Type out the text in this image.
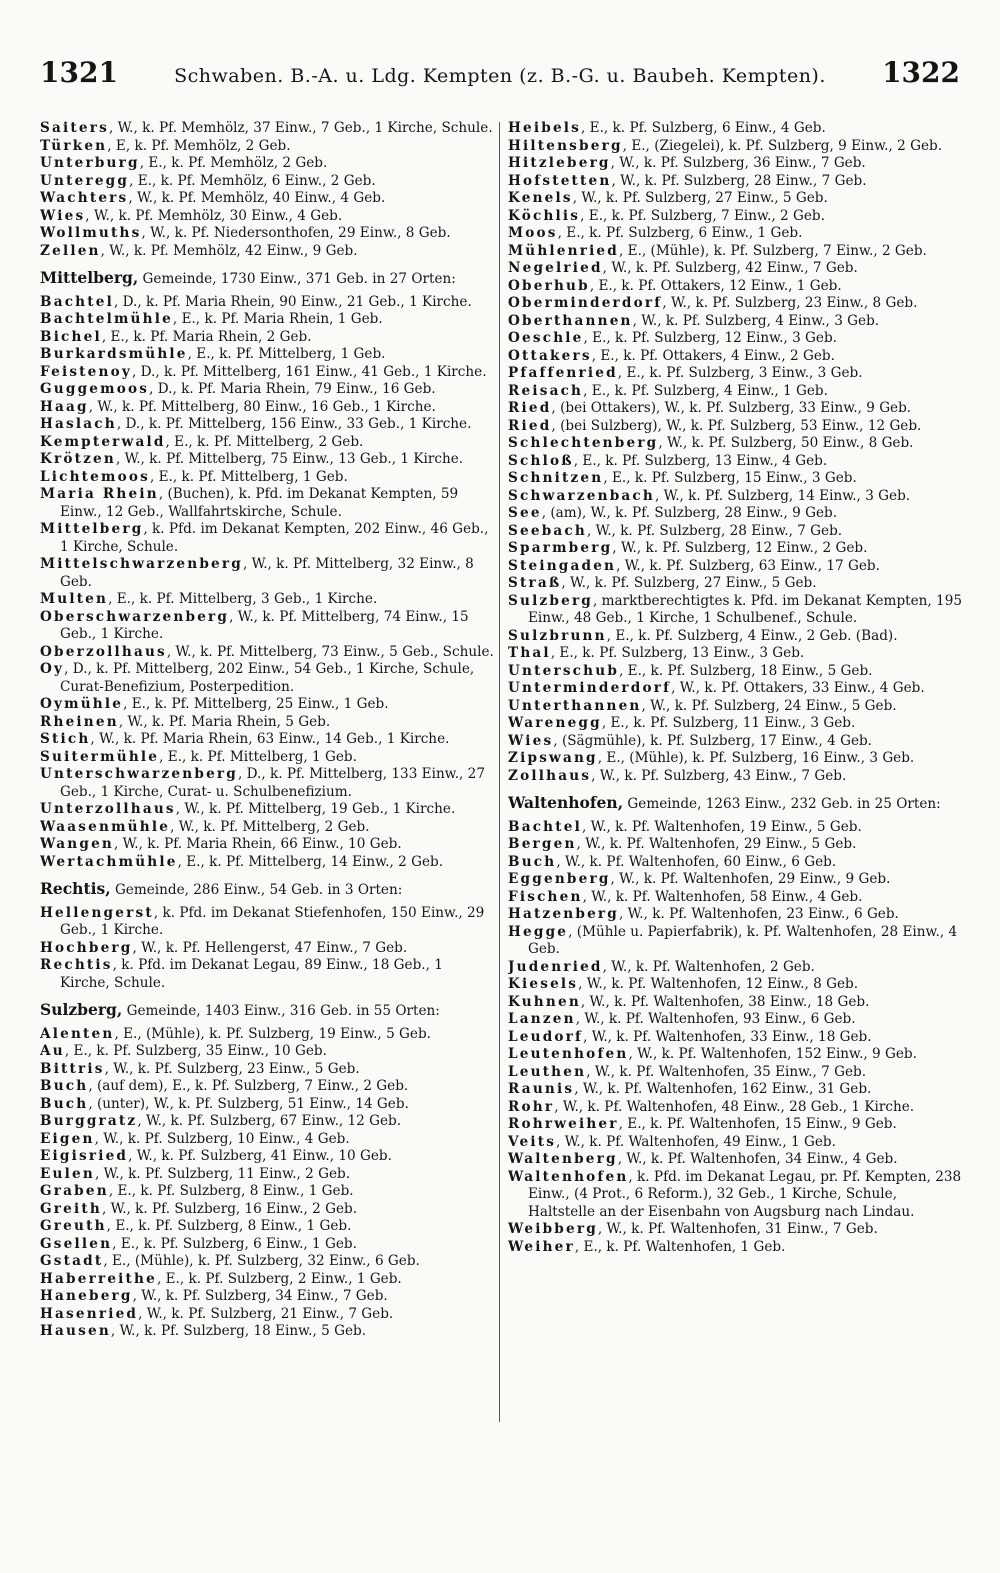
1321	Schwaben. B.-A. u. Ldg. Kempten (z. B.-G. u. Baubeh. Kempten). 1322

Saiters, W., k. Pf. Memhölz, 37 Einw., 7 Geb., 1 Kirche, Schule.

Türken, E, k. Pf. Memhölz, 2 Geb.

Unterburg, E., k. Pf. Memhölz, 2 Geb.

Unteregg, E., k. Pf. Memhölz, 6 Einw., 2 Geb.

Wachters, W., k. Pf. Memhölz, 40 Einw., 4 Geb.

Wies, W., k. Pf. Memhölz, 30 Einw., 4 Geb.

Wollmuths, W., k. Pf. Niedersonthofen, 29 Einw., 8 Geb.

Zellen, W., k. Pf. Memhölz, 42 Einw., 9 Geb.

Mittelberg, Gemeinde, 1730 Einw., 371 Geb. in 27 Orten:

Bachtel, D., k. Pf. Maria Rhein, 90 Einw., 21 Geb., 1 Kirche.

Bachtelmühle, E., k. Pf. Maria Rhein, 1 Geb.

Bichel, E., k. Pf. Maria Rhein, 2 Geb.

Burkardsmühle, E., k. Pf. Mittelberg, 1 Geb.

Feistenoy, D., k. Pf. Mittelberg, 161 Einw., 41 Geb., 1 Kirche.

Guggemoos, D., k. Pf. Maria Rhein, 79 Einw., 16 Geb.

Haag, W., k. Pf. Mittelberg, 80 Einw., 16 Geb., 1 Kirche.

Haslach, D., k. Pf. Mittelberg, 156 Einw., 33 Geb., 1 Kirche.

Kempterwald, E., k. Pf. Mittelberg, 2 Geb.

Krötzen, W., k. Pf. Mittelberg, 75 Einw., 13 Geb., 1 Kirche.

Lichtemoos, E., k. Pf. Mittelberg, 1 Geb.

Maria Rhein, (Buchen), k. Pfd. im Dekanat Kempten, 59 Einw., 12 Geb., Wallfahrtskirche, Schule.

Mittelberg, k. Pfd. im Dekanat Kempten, 202 Einw., 46 Geb., 1 Kirche, Schule.

Mittelschwarzenberg, W., k. Pf. Mittelberg, 32 Einw., 8 Geb.

Multen, E., k. Pf. Mittelberg, 3 Geb., 1 Kirche.

Oberschwarzenberg, W., k. Pf. Mittelberg, 74 Einw., 15 Geb., 1 Kirche.

Oberzollhaus, W., k. Pf. Mittelberg, 73 Einw., 5 Geb., Schule.

Oy, D., k. Pf. Mittelberg, 202 Einw., 54 Geb., 1 Kirche, Schule, Curat-Benefizium, Posterpedition.

Oymühle, E., k. Pf. Mittelberg, 25 Einw., 1 Geb.

Rheinen, W., k. Pf. Maria Rhein, 5 Geb.

Stich, W., k. Pf. Maria Rhein, 63 Einw., 14 Geb., 1 Kirche.

Suitermühle, E., k. Pf. Mittelberg, 1 Geb.

Unterschwarzenberg, D., k. Pf. Mittelberg, 133 Einw., 27 Geb., 1 Kirche, Curat- u. Schulbenefizium.

Unterzollhaus, W., k. Pf. Mittelberg, 19 Geb., 1 Kirche.

Waasenmühle, W., k. Pf. Mittelberg, 2 Geb.

Wangen, W., k. Pf. Maria Rhein, 66 Einw., 10 Geb.

Wertachmühle, E., k. Pf. Mittelberg, 14 Einw., 2 Geb.

Rechtis, Gemeinde, 286 Einw., 54 Geb. in 3 Orten:

Hellengerst, k. Pfd. im Dekanat Stiefenhofen, 150 Einw., 29 Geb., 1 Kirche.

Hochberg, W., k. Pf. Hellengerst, 47 Einw., 7 Geb.

Rechtis, k. Pfd. im Dekanat Legau, 89 Einw., 18 Geb., 1 Kirche, Schule.

Sulzberg, Gemeinde, 1403 Einw., 316 Geb. in 55 Orten:

Alenten, E., (Mühle), k. Pf. Sulzberg, 19 Einw., 5 Geb.

Au, E., k. Pf. Sulzberg, 35 Einw., 10 Geb.

Bittris, W., k. Pf. Sulzberg, 23 Einw., 5 Geb.

Buch, (auf dem), E., k. Pf. Sulzberg, 7 Einw., 2 Geb.

Buch, (unter), W., k. Pf. Sulzberg, 51 Einw., 14 Geb.

Burggratz, W., k. Pf. Sulzberg, 67 Einw., 12 Geb.

Eigen, W., k. Pf. Sulzberg, 10 Einw., 4 Geb.

Eigisried, W., k. Pf. Sulzberg, 41 Einw., 10 Geb.

Eulen, W., k. Pf. Sulzberg, 11 Einw., 2 Geb.

Graben, E., k. Pf. Sulzberg, 8 Einw., 1 Geb.

Greith, W., k. Pf. Sulzberg, 16 Einw., 2 Geb.

Greuth, E., k. Pf. Sulzberg, 8 Einw., 1 Geb.

Gsellen, E., k. Pf. Sulzberg, 6 Einw., 1 Geb.

Gstadt, E., (Mühle), k. Pf. Sulzberg, 32 Einw., 6 Geb.

Haberreithe, E., k. Pf. Sulzberg, 2 Einw., 1 Geb.

Haneberg, W., k. Pf. Sulzberg, 34 Einw., 7 Geb.

Hasenried, W., k. Pf. Sulzberg, 21 Einw., 7 Geb.

Hausen, W., k. Pf. Sulzberg, 18 Einw., 5 Geb.

Heibels, E., k. Pf. Sulzberg, 6 Einw., 4 Geb.

Hiltensberg, E., (Ziegelei), k. Pf. Sulzberg, 9 Einw., 2 Geb.

Hitzleberg, W., k. Pf. Sulzberg, 36 Einw., 7 Geb.

Hofstetten, W., k. Pf. Sulzberg, 28 Einw., 7 Geb.

Kenels, W., k. Pf. Sulzberg, 27 Einw., 5 Geb.

Köchlis, E., k. Pf. Sulzberg, 7 Einw., 2 Geb.

Moos, E., k. Pf. Sulzberg, 6 Einw., 1 Geb.

Mühlenried, E., (Mühle), k. Pf. Sulzberg, 7 Einw., 2 Geb.

Negelried, W., k. Pf. Sulzberg, 42 Einw., 7 Geb.

Oberhub, E., k. Pf. Ottakers, 12 Einw., 1 Geb.

Oberminderdorf, W., k. Pf. Sulzberg, 23 Einw., 8 Geb.

Oberthannen, W., k. Pf. Sulzberg, 4 Einw., 3 Geb.

Oeschle, E., k. Pf. Sulzberg, 12 Einw., 3 Geb.

Ottakers, E., k. Pf. Ottakers, 4 Einw., 2 Geb.

Pfaffenried, E., k. Pf. Sulzberg, 3 Einw., 3 Geb.

Reisach, E., k. Pf. Sulzberg, 4 Einw., 1 Geb.

Ried, (bei Ottakers), W., k. Pf. Sulzberg, 33 Einw., 9 Geb.

Ried, (bei Sulzberg), W., k. Pf. Sulzberg, 53 Einw., 12 Geb.

Schlechtenberg, W., k. Pf. Sulzberg, 50 Einw., 8 Geb.

Schloß, E., k. Pf. Sulzberg, 13 Einw., 4 Geb.

Schnitzen, E., k. Pf. Sulzberg, 15 Einw., 3 Geb.

Schwarzenbach, W., k. Pf. Sulzberg, 14 Einw., 3 Geb.

See, (am), W., k. Pf. Sulzberg, 28 Einw., 9 Geb.

Seebach, W., k. Pf. Sulzberg, 28 Einw., 7 Geb.

Sparmberg, W., k. Pf. Sulzberg, 12 Einw., 2 Geb.

Steingaden, W., k. Pf. Sulzberg, 63 Einw., 17 Geb.

Straß, W., k. Pf. Sulzberg, 27 Einw., 5 Geb.

Sulzberg, marktberechtigtes k. Pfd. im Dekanat Kempten, 195 Einw., 48 Geb., 1 Kirche, 1 Schulbenef., Schule.

Sulzbrunn, E., k. Pf. Sulzberg, 4 Einw., 2 Geb. (Bad).

Thal, E., k. Pf. Sulzberg, 13 Einw., 3 Geb.

Unterschub, E., k. Pf. Sulzberg, 18 Einw., 5 Geb.

Unterminderdorf, W., k. Pf. Ottakers, 33 Einw., 4 Geb.

Unterthannen, W., k. Pf. Sulzberg, 24 Einw., 5 Geb.

Warenegg, E., k. Pf. Sulzberg, 11 Einw., 3 Geb.

Wies, (Sägmühle), k. Pf. Sulzberg, 17 Einw., 4 Geb.

Zipswang, E., (Mühle), k. Pf. Sulzberg, 16 Einw., 3 Geb.

Zollhaus, W., k. Pf. Sulzberg, 43 Einw., 7 Geb.

Waltenhofen, Gemeinde, 1263 Einw., 232 Geb. in 25 Orten:

Bachtel, W., k. Pf. Waltenhofen, 19 Einw., 5 Geb.

Bergen, W., k. Pf. Waltenhofen, 29 Einw., 5 Geb.

Buch, W., k. Pf. Waltenhofen, 60 Einw., 6 Geb.

Eggenberg, W., k. Pf. Waltenhofen, 29 Einw., 9 Geb.

Fischen, W., k. Pf. Waltenhofen, 58 Einw., 4 Geb.

Hatzenberg, W., k. Pf. Waltenhofen, 23 Einw., 6 Geb.

Hegge, (Mühle u. Papierfabrik), k. Pf. Waltenhofen, 28 Einw., 4 Geb.

Judenried, W., k. Pf. Waltenhofen, 2 Geb.

Kiesels, W., k. Pf. Waltenhofen, 12 Einw., 8 Geb.

Kuhnen, W., k. Pf. Waltenhofen, 38 Einw., 18 Geb.

Lanzen, W., k. Pf. Waltenhofen, 93 Einw., 6 Geb.

Leudorf, W., k. Pf. Waltenhofen, 33 Einw., 18 Geb.

Leutenhofen, W., k. Pf. Waltenhofen, 152 Einw., 9 Geb.

Leuthen, W., k. Pf. Waltenhofen, 35 Einw., 7 Geb.

Raunis, W., k. Pf. Waltenhofen, 162 Einw., 31 Geb.

Rohr, W., k. Pf. Waltenhofen, 48 Einw., 28 Geb., 1 Kirche.

Rohrweiher, E., k. Pf. Waltenhofen, 15 Einw., 9 Geb.

Veits, W., k. Pf. Waltenhofen, 49 Einw., 1 Geb.

Waltenberg, W., k. Pf. Waltenhofen, 34 Einw., 4 Geb.

Waltenhofen, k. Pfd. im Dekanat Legau, pr. Pf. Kempten, 238 Einw., (4 Prot., 6 Reform.), 32 Geb., 1 Kirche, Schule, Haltstelle an der Eisenbahn von Augsburg nach Lindau.

Weibberg, W., k. Pf. Waltenhofen, 31 Einw., 7 Geb.

Weiher, E., k. Pf. Waltenhofen, 1 Geb.
